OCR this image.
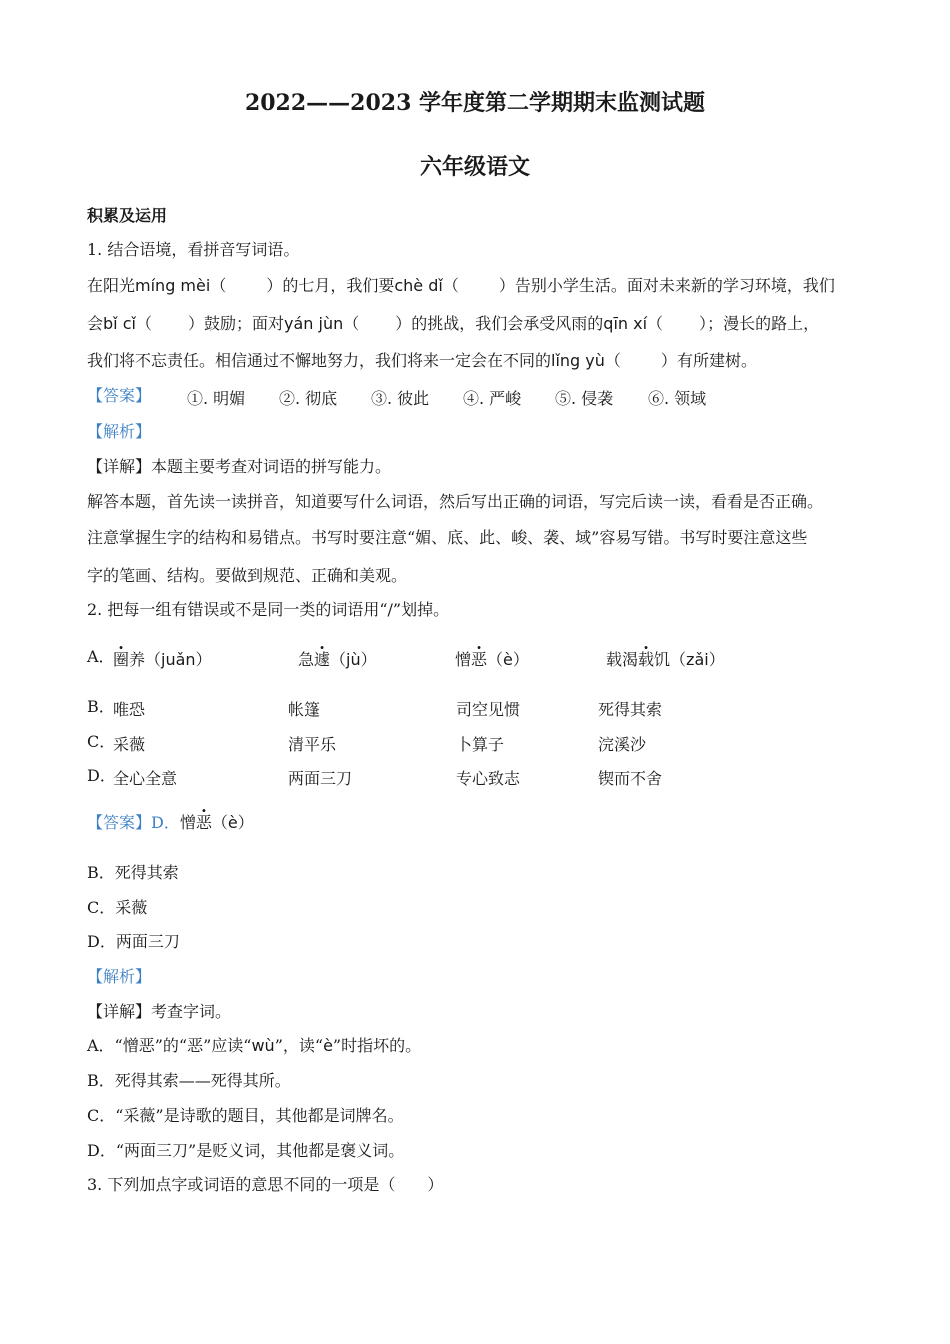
2022——2023 学年度第二学期期末监测试题
六年级语文
积累及运用
1. 结合语境，看拼音写词语。
在阳光míng mèi（	）的七月，我们要chè dǐ（	）告别小学生活。面对未来新的学习环境，我们
会bǐ cǐ（ ）鼓励；面对yán jùn（ ）的挑战，我们会承受风雨的qīn xí（ ）；漫长的路上，
我们将不忘责任。相信通过不懈地努力，我们将来一定会在不同的lǐng yù（	）有所建树。
【答案】 ①. 明媚 ②. 彻底 ③. 彼此 ④. 严峻 ⑤. 侵袭 ⑥. 领域
【解析】
【详解】本题主要考查对词语的拼写能力。
解答本题，首先读一读拼音，知道要写什么词语，然后写出正确的词语，写完后读一读，看看是否正确。
注意掌握生字的结构和易错点。书写时要注意“媚、底、此、峻、袭、域”容易写错。书写时要注意这些
字的笔画、结构。要做到规范、正确和美观。
2. 把每一组有错误或不是同一类的词语用“/”划掉。
A．
圈养（juǎn）	急遽（jù）	憎恶（è）	载渴载饥（zǎi）
B．
唯恐	帐篷	司空见惯	死得其索
C．
采薇	清平乐	卜算子	浣溪沙
D．
全心全意	两面三刀	专心致志	锲而不舍
【答案】D．憎恶（è）
B．死得其索
C．采薇
D．两面三刀
【解析】
【详解】考查字词。
A．“憎恶”的“恶”应读“wù”，读“è”时指坏的。
B．死得其索——死得其所。
C．“采薇”是诗歌的题目，其他都是词牌名。
D．“两面三刀”是贬义词，其他都是褒义词。
3. 下列加点字或词语的意思不同的一项是（　　）
